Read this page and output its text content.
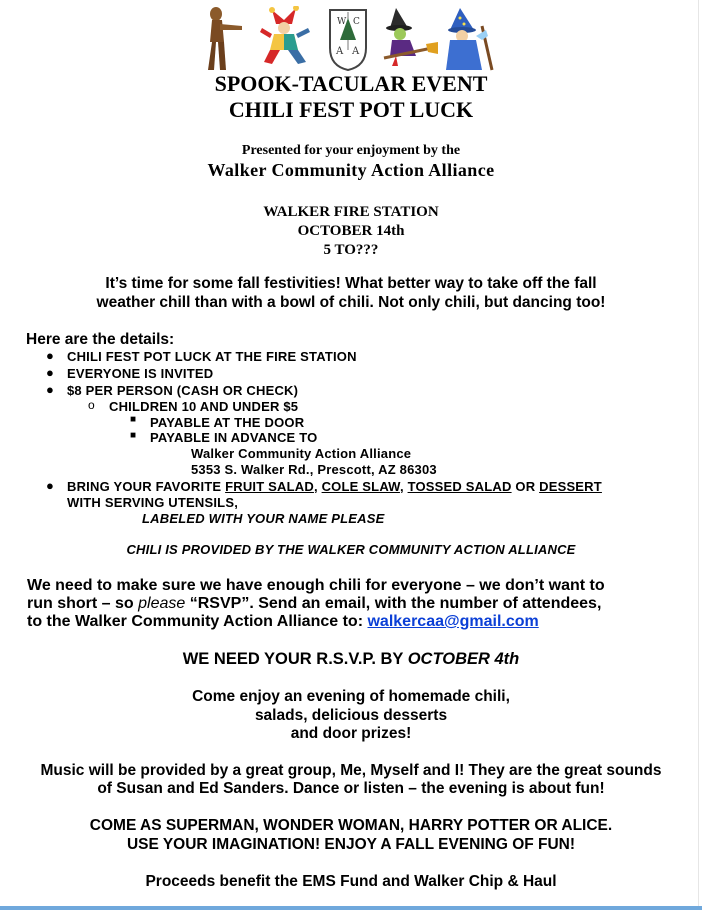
W C
A A
SPOOK-TACULAR EVENT
CHILI FEST POT LUCK

Presented for your enjoyment by the

Walker Community Action Alliance

WALKER FIRE STATION

OCTOBER 14th

5 TO???

It’s time for some fall festivities! What better way to take off the fall

weather chill than with a bowl of chili. Not only chili, but dancing too!

Here are the details:

● CHILI FEST POT LUCK AT THE FIRE STATION

● EVERYONE IS INVITED

● $8 PER PERSON (CASH OR CHECK)

o CHILDREN 10 AND UNDER $5

■ PAYABLE AT THE DOOR

■ PAYABLE IN ADVANCE TO

Walker Community Action Alliance

5353 S. Walker Rd., Prescott, AZ 86303

● BRING YOUR FAVORITE FRUIT SALAD, COLE SLAW, TOSSED SALAD OR DESSERT

WITH SERVING UTENSILS,

LABELED WITH YOUR NAME PLEASE

CHILI IS PROVIDED BY THE WALKER COMMUNITY ACTION ALLIANCE

We need to make sure we have enough chili for everyone – we don’t want to

run short – so please “RSVP”. Send an email, with the number of attendees,

to the Walker Community Action Alliance to: walkercaa@gmail.com

WE NEED YOUR R.S.V.P. BY OCTOBER 4th

Come enjoy an evening of homemade chili,

salads, delicious desserts

and door prizes!

Music will be provided by a great group, Me, Myself and I! They are the great sounds

of Susan and Ed Sanders. Dance or listen – the evening is about fun!

COME AS SUPERMAN, WONDER WOMAN, HARRY POTTER OR ALICE.

USE YOUR IMAGINATION! ENJOY A FALL EVENING OF FUN!

Proceeds benefit the EMS Fund and Walker Chip & Haul
